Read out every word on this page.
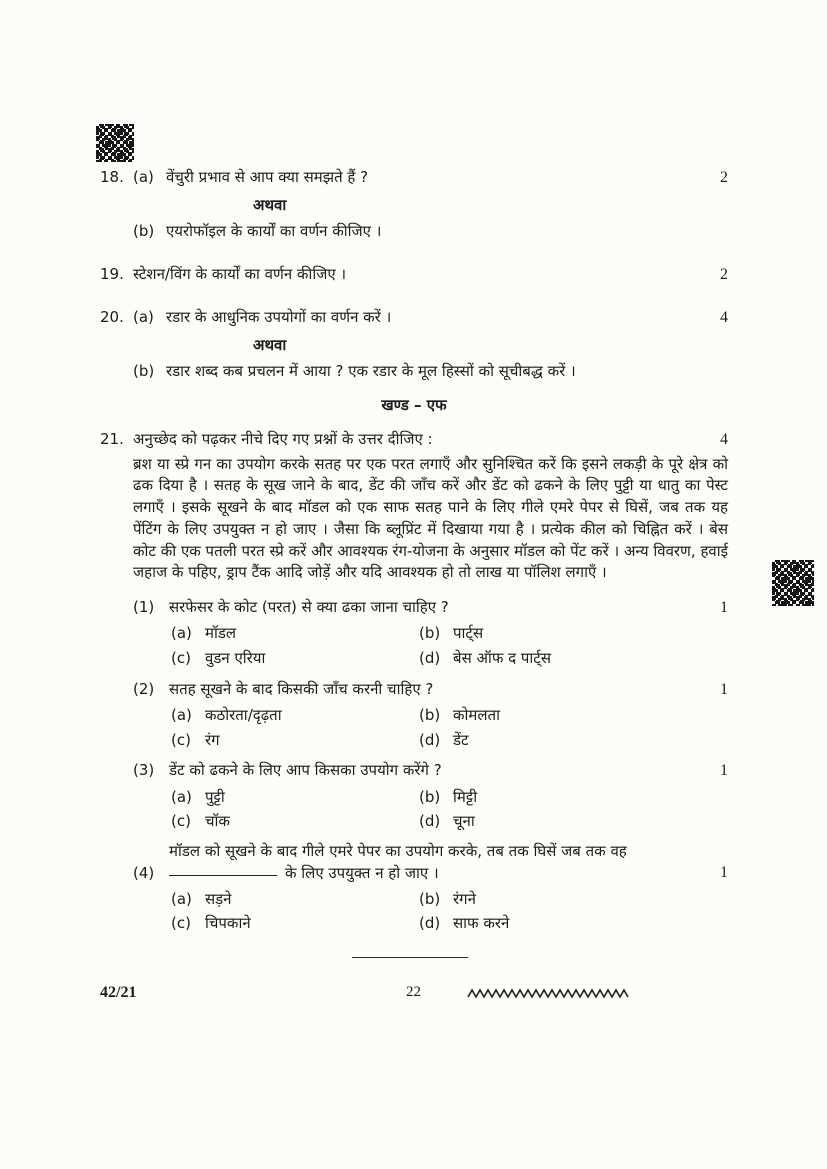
18. (a) वेंचुरी प्रभाव से आप क्या समझते हैं ?	2
अथवा
(b) एयरोफॉइल के कार्यों का वर्णन कीजिए ।
19. स्टेशन/विंग के कार्यों का वर्णन कीजिए ।	2
20. (a) रडार के आधुनिक उपयोगों का वर्णन करें ।	4
अथवा
(b) रडार शब्द कब प्रचलन में आया ? एक रडार के मूल हिस्सों को सूचीबद्ध करें ।
खण्ड – एफ
21. अनुच्छेद को पढ़कर नीचे दिए गए प्रश्नों के उत्तर दीजिए :	4
ब्रश या स्प्रे गन का उपयोग करके सतह पर एक परत लगाएँ और सुनिश्चित करें कि इसने लकड़ी के पूरे क्षेत्र को ढक दिया है । सतह के सूख जाने के बाद, डेंट की जाँच करें और डेंट को ढकने के लिए पुट्टी या धातु का पेस्ट लगाएँ । इसके सूखने के बाद मॉडल को एक साफ सतह पाने के लिए गीले एमरे पेपर से घिसें, जब तक यह पेंटिंग के लिए उपयुक्त न हो जाए । जैसा कि ब्लूप्रिंट में दिखाया गया है । प्रत्येक कील को चिह्नित करें । बेस कोट की एक पतली परत स्प्रे करें और आवश्यक रंग-योजना के अनुसार मॉडल को पेंट करें । अन्य विवरण, हवाई जहाज के पहिए, ड्राप टैंक आदि जोड़ें और यदि आवश्यक हो तो लाख या पॉलिश लगाएँ ।
(1) सरफेसर के कोट (परत) से क्या ढका जाना चाहिए ?	1
(a) मॉडल	(b) पार्ट्स
(c) वुडन एरिया	(d) बेस ऑफ द पार्ट्स
(2) सतह सूखने के बाद किसकी जाँच करनी चाहिए ?	1
(a) कठोरता/दृढ़ता	(b) कोमलता
(c) रंग	(d) डेंट
(3) डेंट को ढकने के लिए आप किसका उपयोग करेंगे ?	1
(a) पुट्टी	(b) मिट्टी
(c) चॉक	(d) चूना
(4)
मॉडल को सूखने के बाद गीले एमरे पेपर का उपयोग करके, तब तक घिसें जब तक वह
के लिए उपयुक्त न हो जाए ।	1
(a) सड़ने	(b) रंगने
(c) चिपकाने	(d) साफ करने
42/21	22
